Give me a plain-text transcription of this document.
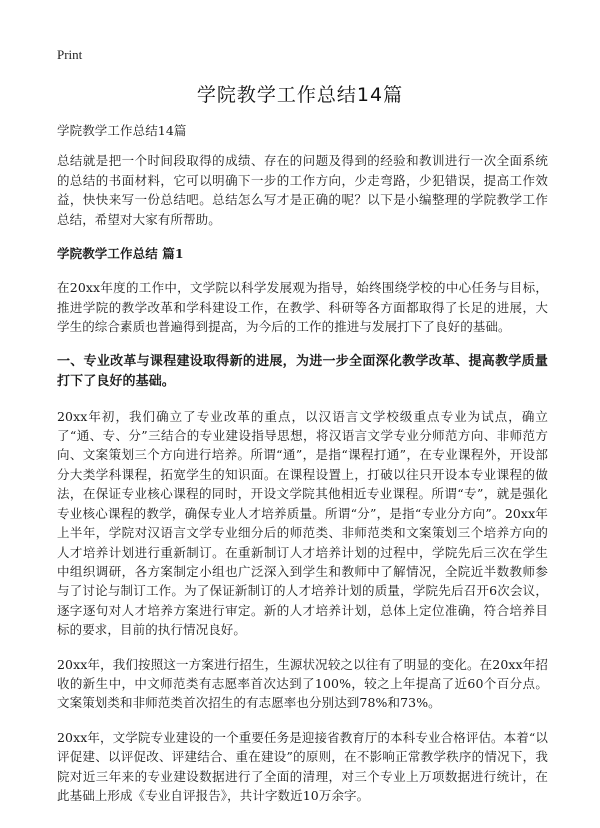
Print
学院教学工作总结14篇

学院教学工作总结14篇

总结就是把一个时间段取得的成绩、存在的问题及得到的经验和教训进行一次全面系统的总结的书面材料，它可以明确下一步的工作方向，少走弯路，少犯错误，提高工作效益，快快来写一份总结吧。总结怎么写才是正确的呢？以下是小编整理的学院教学工作总结，希望对大家有所帮助。

学院教学工作总结 篇1

在20xx年度的工作中，文学院以科学发展观为指导，始终围绕学校的中心任务与目标，推进学院的教学改革和学科建设工作，在教学、科研等各方面都取得了长足的进展，大学生的综合素质也普遍得到提高，为今后的工作的推进与发展打下了良好的基础。

一、专业改革与课程建设取得新的进展，为进一步全面深化教学改革、提高教学质量打下了良好的基础。

20xx年初，我们确立了专业改革的重点，以汉语言文学校级重点专业为试点，确立了“通、专、分”三结合的专业建设指导思想，将汉语言文学专业分师范方向、非师范方向、文案策划三个方向进行培养。所谓“通”，是指“课程打通”，在专业课程外，开设部分大类学科课程，拓宽学生的知识面。在课程设置上，打破以往只开设本专业课程的做法，在保证专业核心课程的同时，开设文学院其他相近专业课程。所谓“专”，就是强化专业核心课程的教学，确保专业人才培养质量。所谓“分”，是指“专业分方向”。20xx年上半年，学院对汉语言文学专业细分后的师范类、非师范类和文案策划三个培养方向的人才培养计划进行重新制订。在重新制订人才培养计划的过程中，学院先后三次在学生中组织调研，各方案制定小组也广泛深入到学生和教师中了解情况，全院近半数教师参与了讨论与制订工作。为了保证新制订的人才培养计划的质量，学院先后召开6次会议，逐字逐句对人才培养方案进行审定。新的人才培养计划，总体上定位准确，符合培养目标的要求，目前的执行情况良好。

20xx年，我们按照这一方案进行招生，生源状况较之以往有了明显的变化。在20xx年招收的新生中，中文师范类有志愿率首次达到了100%，较之上年提高了近60个百分点。文案策划类和非师范类首次招生的有志愿率也分别达到78%和73%。

20xx年，文学院专业建设的一个重要任务是迎接省教育厅的本科专业合格评估。本着“以评促建、以评促改、评建结合、重在建设”的原则，在不影响正常教学秩序的情况下，我院对近三年来的专业建设数据进行了全面的清理，对三个专业上万项数据进行统计，在此基础上形成《专业自评报告》，共计字数近10万余字。
